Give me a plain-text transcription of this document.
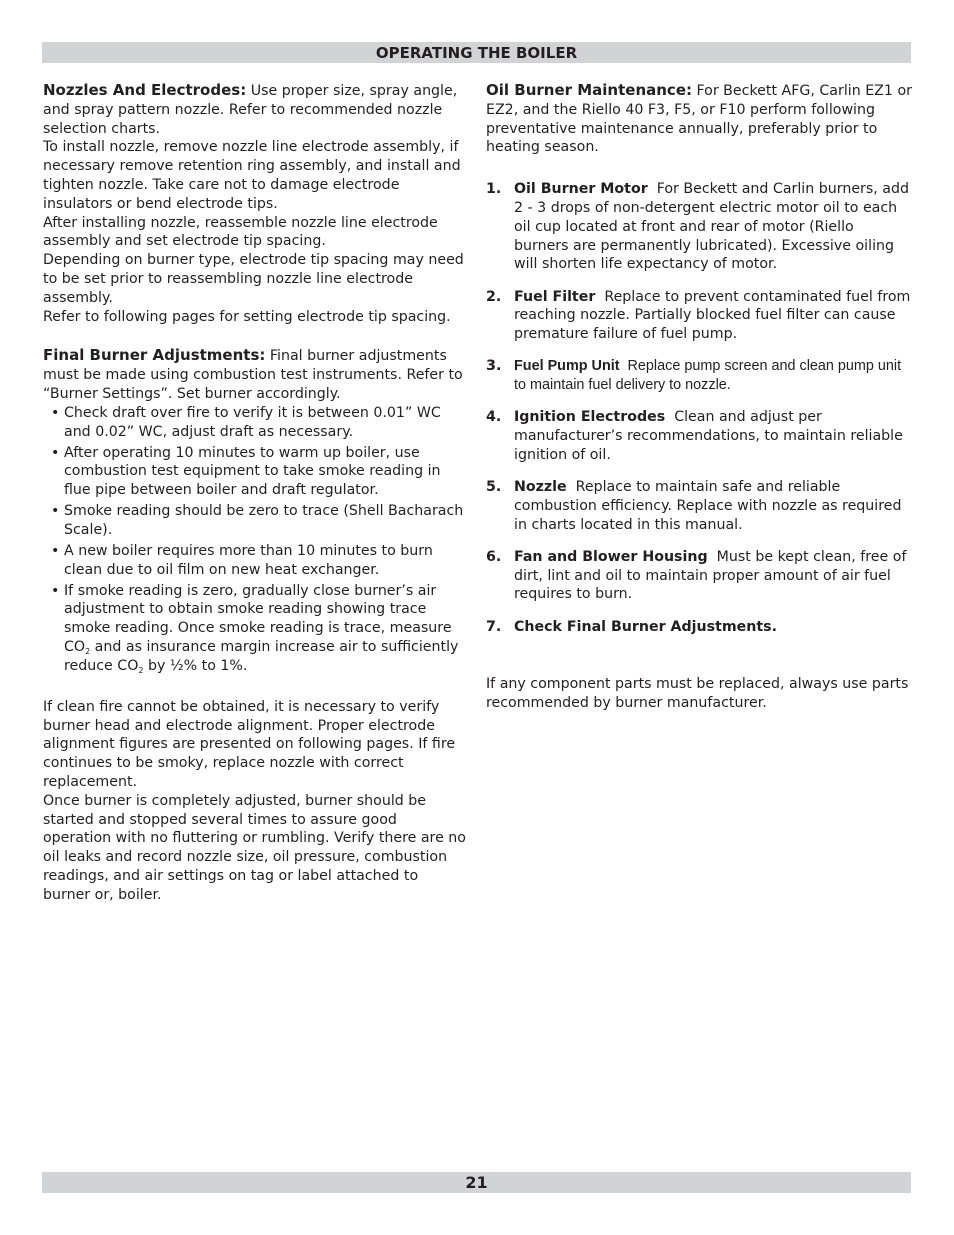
OPERATING THE BOILER

Nozzles And Electrodes: Use proper size, spray angle, and spray pattern nozzle. Refer to recommended nozzle selection charts.

To install nozzle, remove nozzle line electrode assembly, if necessary remove retention ring assembly, and install and tighten nozzle. Take care not to damage electrode insulators or bend electrode tips.

After installing nozzle, reassemble nozzle line electrode assembly and set electrode tip spacing.

Depending on burner type, electrode tip spacing may need to be set prior to reassembling nozzle line electrode assembly.

Refer to following pages for setting electrode tip spacing.

Final Burner Adjustments: Final burner adjustments must be made using combustion test instruments. Refer to “Burner Settings”. Set burner accordingly.

• Check draft over fire to verify it is between 0.01” WC and 0.02” WC, adjust draft as necessary.
• After operating 10 minutes to warm up boiler, use combustion test equipment to take smoke reading in flue pipe between boiler and draft regulator.
• Smoke reading should be zero to trace (Shell Bacharach Scale).
• A new boiler requires more than 10 minutes to burn clean due to oil film on new heat exchanger.
• If smoke reading is zero, gradually close burner’s air adjustment to obtain smoke reading showing trace smoke reading. Once smoke reading is trace, measure $CO_2$ and as insurance margin increase air to sufficiently reduce $CO_2$ by ½% to 1%.

If clean fire cannot be obtained, it is necessary to verify burner head and electrode alignment. Proper electrode alignment figures are presented on following pages. If fire continues to be smoky, replace nozzle with correct replacement.

Once burner is completely adjusted, burner should be started and stopped several times to assure good operation with no fluttering or rumbling. Verify there are no oil leaks and record nozzle size, oil pressure, combustion readings, and air settings on tag or label attached to burner or, boiler.

Oil Burner Maintenance: For Beckett AFG, Carlin EZ1 or EZ2, and the Riello 40 F3, F5, or F10 perform following preventative maintenance annually, preferably prior to heating season.

1. Oil Burner Motor  For Beckett and Carlin burners, add 2 - 3 drops of non-detergent electric motor oil to each oil cup located at front and rear of motor (Riello burners are permanently lubricated). Excessive oiling will shorten life expectancy of motor.
2. Fuel Filter  Replace to prevent contaminated fuel from reaching nozzle. Partially blocked fuel filter can cause premature failure of fuel pump.
3. Fuel Pump Unit  Replace pump screen and clean pump unit to maintain fuel delivery to nozzle.
4. Ignition Electrodes  Clean and adjust per manufacturer’s recommendations, to maintain reliable ignition of oil.
5. Nozzle  Replace to maintain safe and reliable combustion efficiency. Replace with nozzle as required in charts located in this manual.
6. Fan and Blower Housing  Must be kept clean, free of dirt, lint and oil to maintain proper amount of air fuel requires to burn.
7. Check Final Burner Adjustments.

If any component parts must be replaced, always use parts recommended by burner manufacturer.

21
